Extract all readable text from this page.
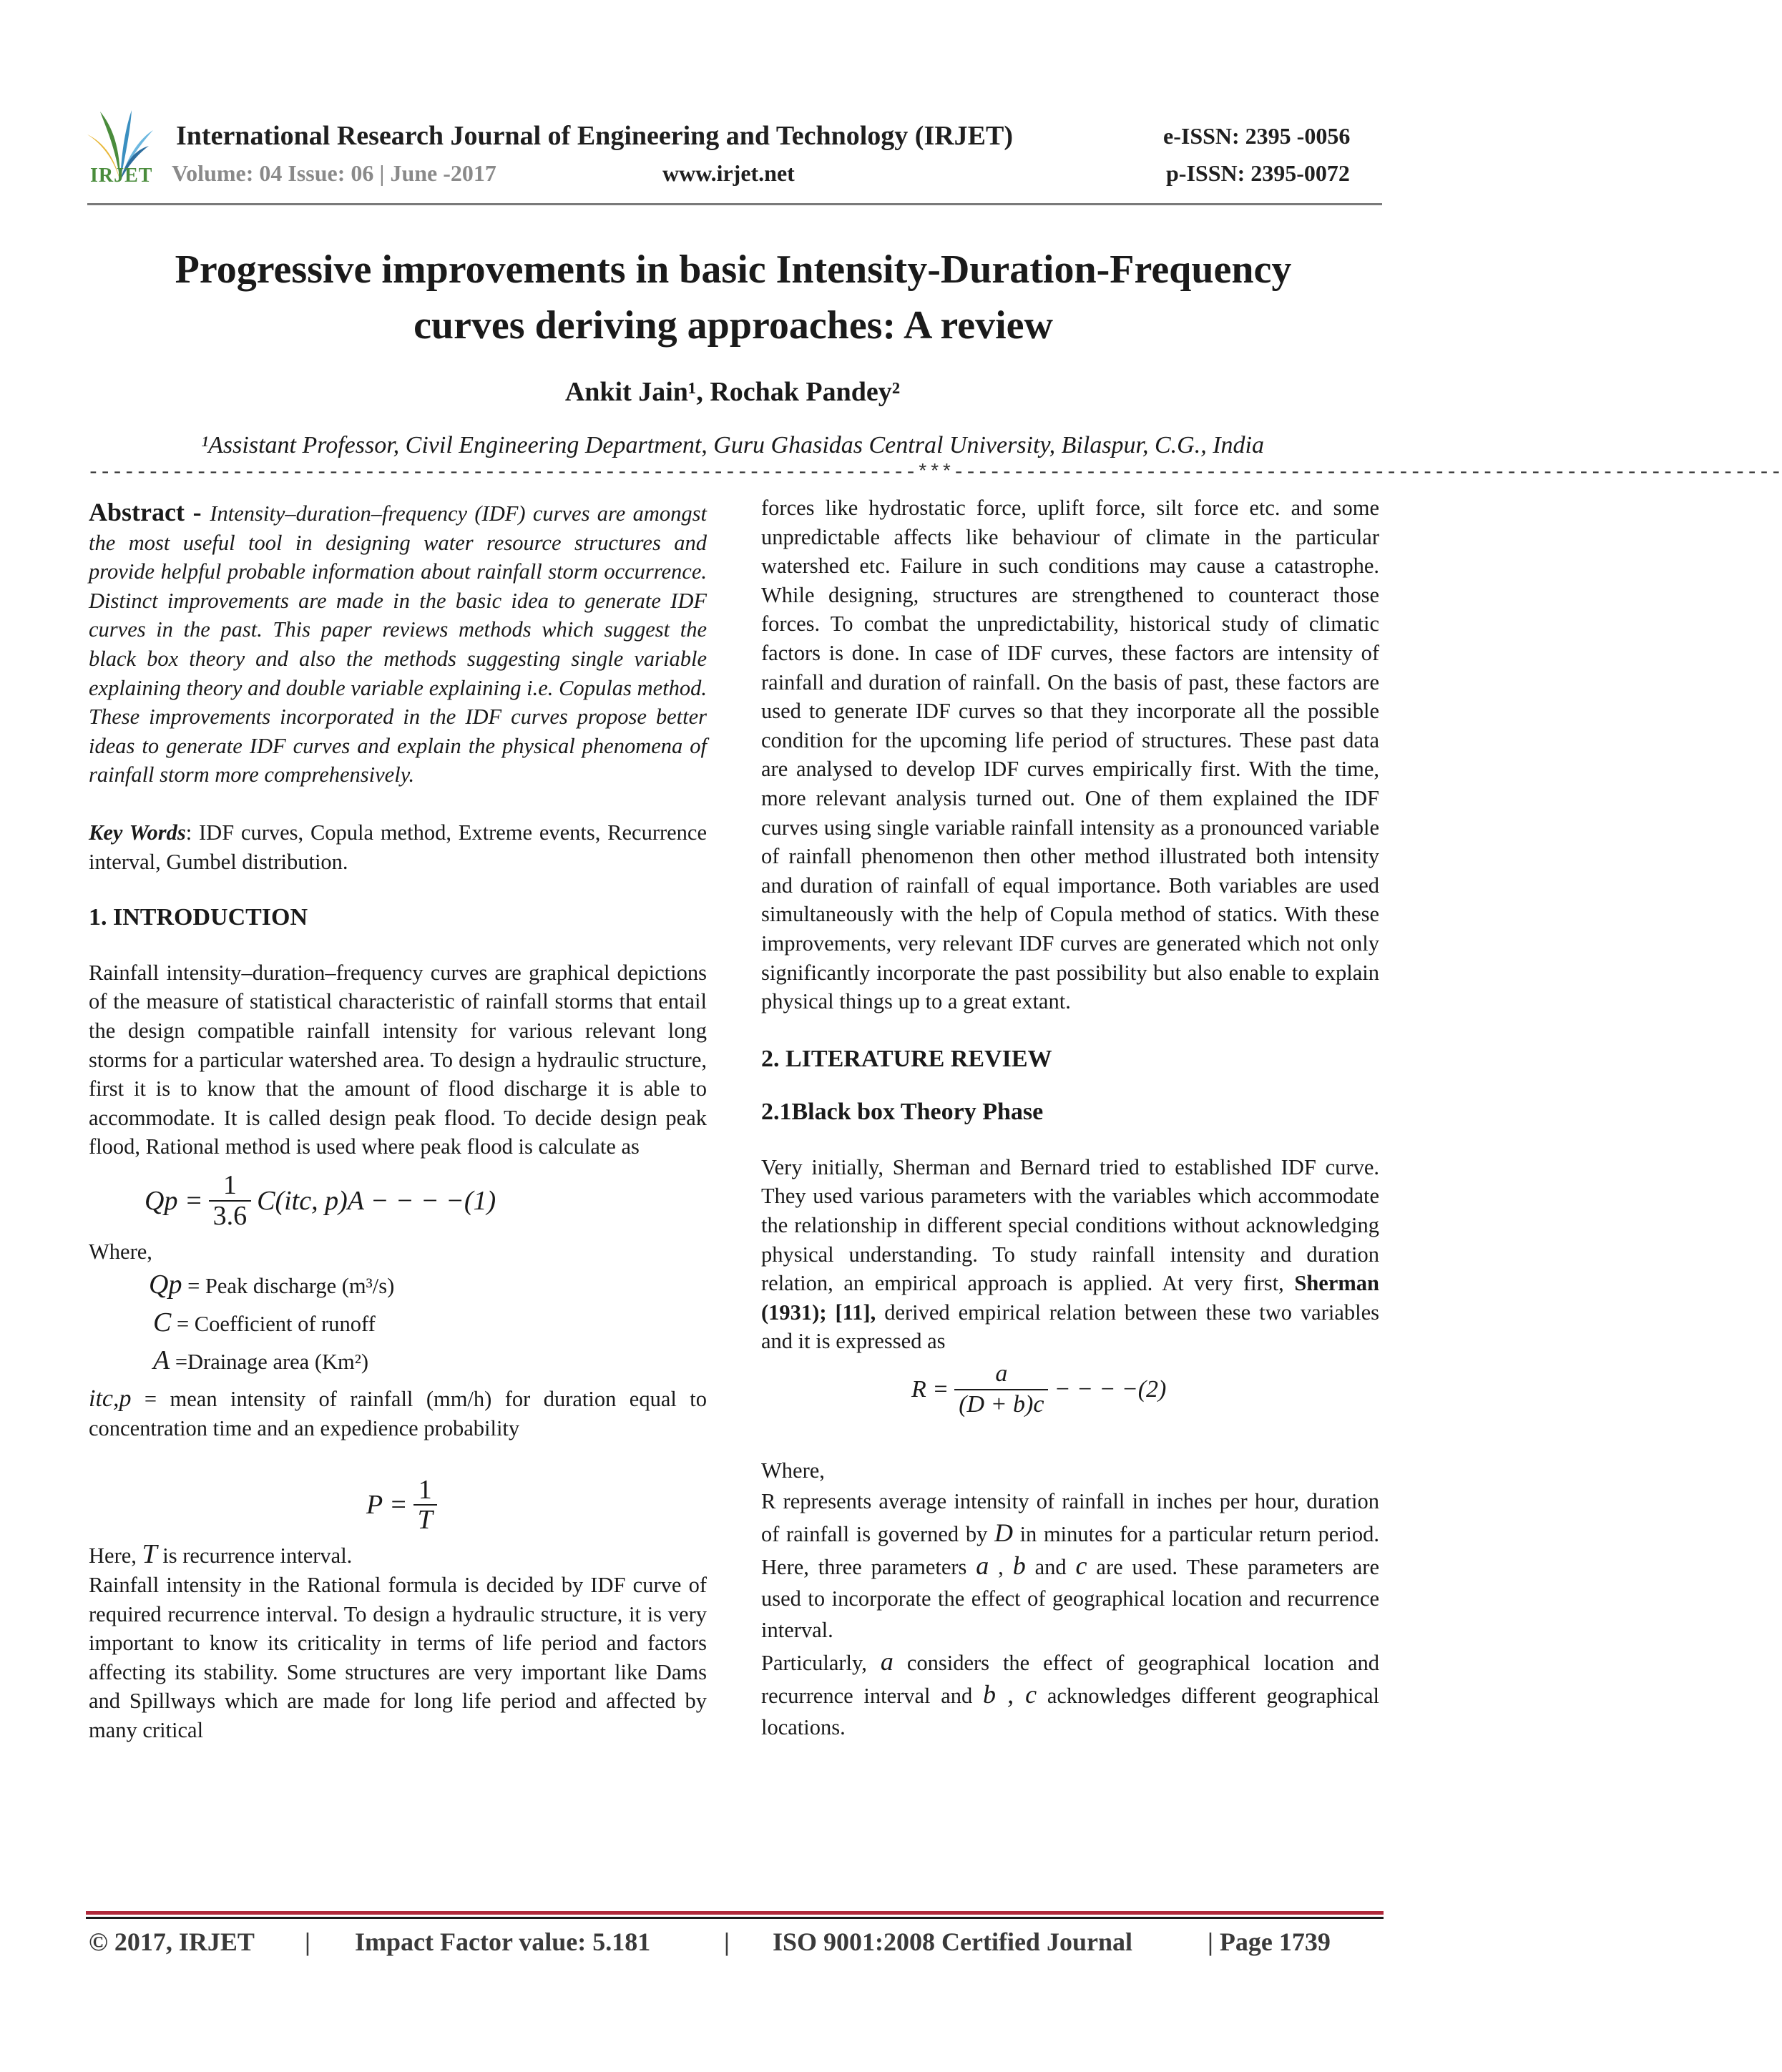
IRJET
International Research Journal of Engineering and Technology (IRJET)
Volume: 04 Issue: 06 | June -2017	www.irjet.net
e-ISSN: 2395 -0056
p-ISSN: 2395-0072
Progressive improvements in basic Intensity-Duration-Frequency
curves deriving approaches: A review
Ankit Jain¹, Rochak Pandey²
¹Assistant Professor, Civil Engineering Department, Guru Ghasidas Central University, Bilaspur, C.G., India
---------------------------------------------------------------------***---------------------------------------------------------------------

Abstract - Intensity–duration–frequency (IDF) curves are amongst the most useful tool in designing water resource structures and provide helpful probable information about rainfall storm occurrence. Distinct improvements are made in the basic idea to generate IDF curves in the past. This paper reviews methods which suggest the black box theory and also the methods suggesting single variable explaining theory and double variable explaining i.e. Copulas method. These improvements incorporated in the IDF curves propose better ideas to generate IDF curves and explain the physical phenomena of rainfall storm more comprehensively.

Key Words: IDF curves, Copula method, Extreme events, Recurrence interval, Gumbel distribution.

1. INTRODUCTION

Rainfall intensity–duration–frequency curves are graphical depictions of the measure of statistical characteristic of rainfall storms that entail the design compatible rainfall intensity for various relevant long storms for a particular watershed area. To design a hydraulic structure, first it is to know that the amount of flood discharge it is able to accommodate. It is called design peak flood. To decide design peak flood, Rational method is used where peak flood is calculate as

$Qp = \frac{1}{3.6} C(itc$, p)A − − − −(1)

Where,

Qp = Peak discharge (m³/s)

C = Coefficient of runoff

A =Drainage area (Km²)

itc,p = mean intensity of rainfall (mm/h) for duration equal to concentration time and an expedience probability

$P = \frac{1}{T}$

Here, T is recurrence interval.

Rainfall intensity in the Rational formula is decided by IDF curve of required recurrence interval. To design a hydraulic structure, it is very important to know its criticality in terms of life period and factors affecting its stability. Some structures are very important like Dams and Spillways which are made for long life period and affected by many critical

forces like hydrostatic force, uplift force, silt force etc. and some unpredictable affects like behaviour of climate in the particular watershed etc. Failure in such conditions may cause a catastrophe. While designing, structures are strengthened to counteract those forces. To combat the unpredictability, historical study of climatic factors is done. In case of IDF curves, these factors are intensity of rainfall and duration of rainfall. On the basis of past, these factors are used to generate IDF curves so that they incorporate all the possible condition for the upcoming life period of structures. These past data are analysed to develop IDF curves empirically first. With the time, more relevant analysis turned out. One of them explained the IDF curves using single variable rainfall intensity as a pronounced variable of rainfall phenomenon then other method illustrated both intensity and duration of rainfall of equal importance. Both variables are used simultaneously with the help of Copula method of statics. With these improvements, very relevant IDF curves are generated which not only significantly incorporate the past possibility but also enable to explain physical things up to a great extant.

2. LITERATURE REVIEW

2.1Black box Theory Phase

Very initially, Sherman and Bernard tried to established IDF curve. They used various parameters with the variables which accommodate the relationship in different special conditions without acknowledging physical understanding. To study rainfall intensity and duration relation, an empirical approach is applied. At very first, Sherman (1931); [11], derived empirical relation between these two variables and it is expressed as

$R = \frac{a}{(D + b)c}$ − − − −(2)

Where,

R represents average intensity of rainfall in inches per hour, duration of rainfall is governed by D in minutes for a particular return period. Here, three parameters a , b and c are used. These parameters are used to incorporate the effect of geographical location and recurrence interval.

Particularly, a considers the effect of geographical location and recurrence interval and b , c acknowledges different geographical locations.

© 2017, IRJET | Impact Factor value: 5.181	| ISO 9001:2008 Certified Journal	| Page 1739
